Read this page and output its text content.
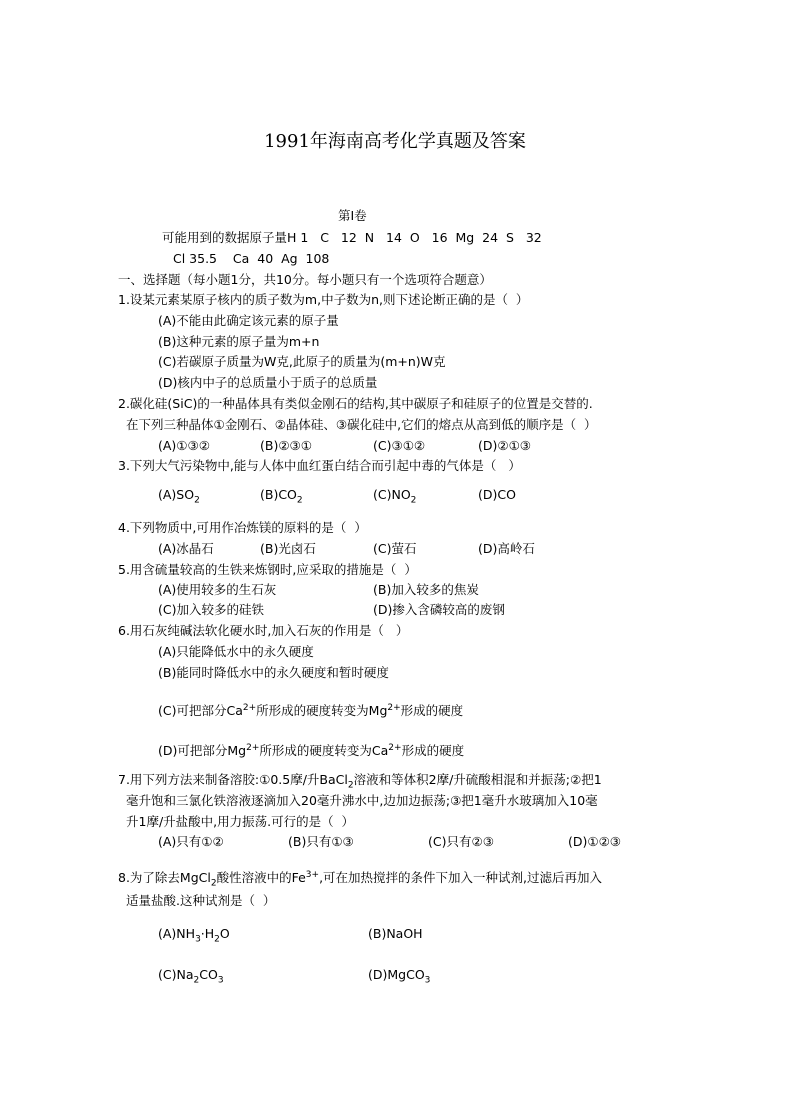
1991年海南高考化学真题及答案
第I卷
可能用到的数据原子量H 1   C   12  N   14  O   16  Mg  24  S   32
Cl 35.5    Ca  40  Ag  108
一、选择题（每小题1分，共10分。每小题只有一个选项符合题意）
1.设某元素某原子核内的质子数为m,中子数为n,则下述论断正确的是（  ）
(A)不能由此确定该元素的原子量
(B)这种元素的原子量为m+n
(C)若碳原子质量为W克,此原子的质量为(m+n)W克
(D)核内中子的总质量小于质子的总质量
2.碳化硅(SiC)的一种晶体具有类似金刚石的结构,其中碳原子和硅原子的位置是交替的.
在下列三种晶体①金刚石、②晶体硅、③碳化硅中,它们的熔点从高到低的顺序是（  ）
(A)①③②	(B)②③①	(C)③①②	(D)②①③
3.下列大气污染物中,能与人体中血红蛋白结合而引起中毒的气体是（   ）
$(A)SO_2$	$(B)CO_2$	$(C)NO_2$	(D)CO
4.下列物质中,可用作冶炼镁的原料的是（  ）
(A)冰晶石	(B)光卤石	(C)萤石	(D)高岭石
5.用含硫量较高的生铁来炼钢时,应采取的措施是（  ）
(A)使用较多的生石灰	(B)加入较多的焦炭
(C)加入较多的硅铁	(D)掺入含磷较高的废钢
6.用石灰纯碱法软化硬水时,加入石灰的作用是（   ）
(A)只能降低水中的永久硬度
(B)能同时降低水中的永久硬度和暂时硬度
(C)可把部分$Ca^{2+}$所形成的硬度转变为$Mg^{2+}$形成的硬度
(D)可把部分$Mg^{2+}$所形成的硬度转变为$Ca^{2+}$形成的硬度
7.用下列方法来制备溶胶:①0.5摩/升BaCl$_2$溶液和等体积2摩/升硫酸相混和并振荡;②把1
毫升饱和三氯化铁溶液逐滴加入20毫升沸水中,边加边振荡;③把1毫升水玻璃加入10毫
升1摩/升盐酸中,用力振荡.可行的是（  ）
(A)只有①②	(B)只有①③	(C)只有②③	(D)①②③
8.为了除去MgCl$_2$酸性溶液中的$Fe^{3+}$,可在加热搅拌的条件下加入一种试剂,过滤后再加入
适量盐酸.这种试剂是（  ）
$(A)NH_3\cdot H_2O$	(B)NaOH
$(C)Na_2CO_3$	(D)MgCO$_3$
